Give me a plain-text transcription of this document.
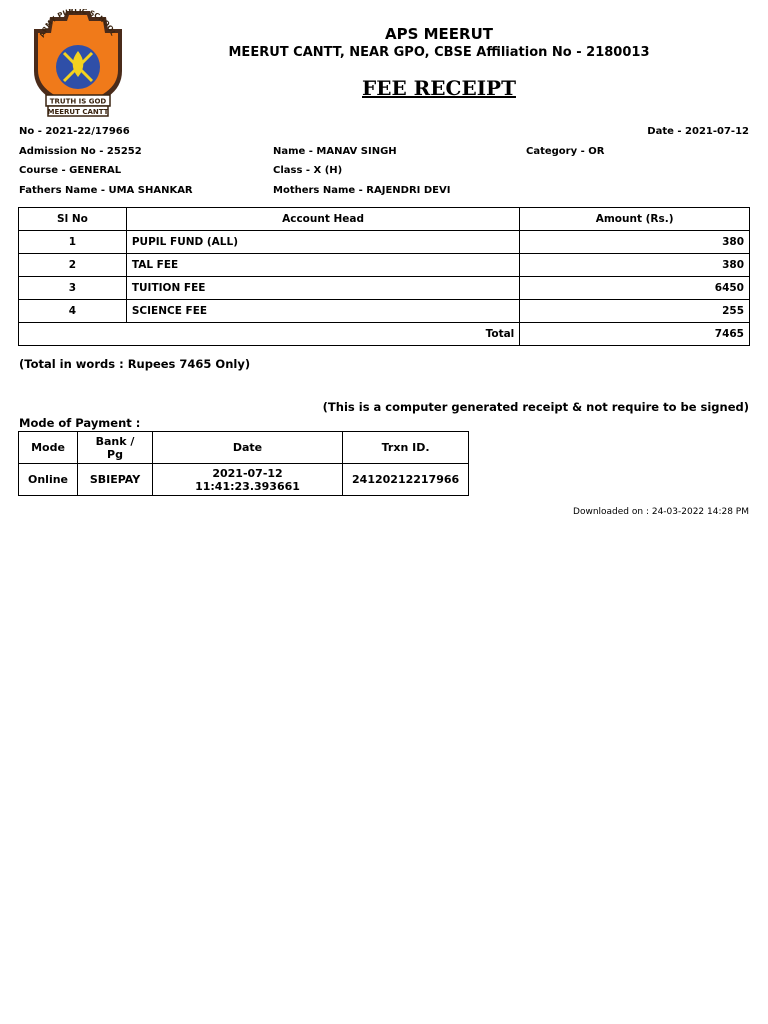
ARMY PUBLIC SCHOOL
TRUTH IS GOD
MEERUT CANTT
APS MEERUT
MEERUT CANTT, NEAR GPO, CBSE Affiliation No - 2180013
FEE RECEIPT
No - 2021-22/17966	Date - 2021-07-12
Admission No - 25252	Name - MANAV SINGH	Category - OR
Course - GENERAL	Class - X (H)
Fathers Name - UMA SHANKAR	Mothers Name - RAJENDRI DEVI
Sl No	Account Head	Amount (Rs.)
1	PUPIL FUND (ALL)	380
2	TAL FEE	380
3	TUITION FEE	6450
4	SCIENCE FEE	255
Total		7465
(Total in words : Rupees 7465 Only)
(This is a computer generated receipt & not require to be signed)
Mode of Payment :
Mode	Bank / Pg	Date	Trxn ID.
Online	SBIEPAY	2021-07-12 11:41:23.393661	24120212217966
Downloaded on : 24-03-2022 14:28 PM
